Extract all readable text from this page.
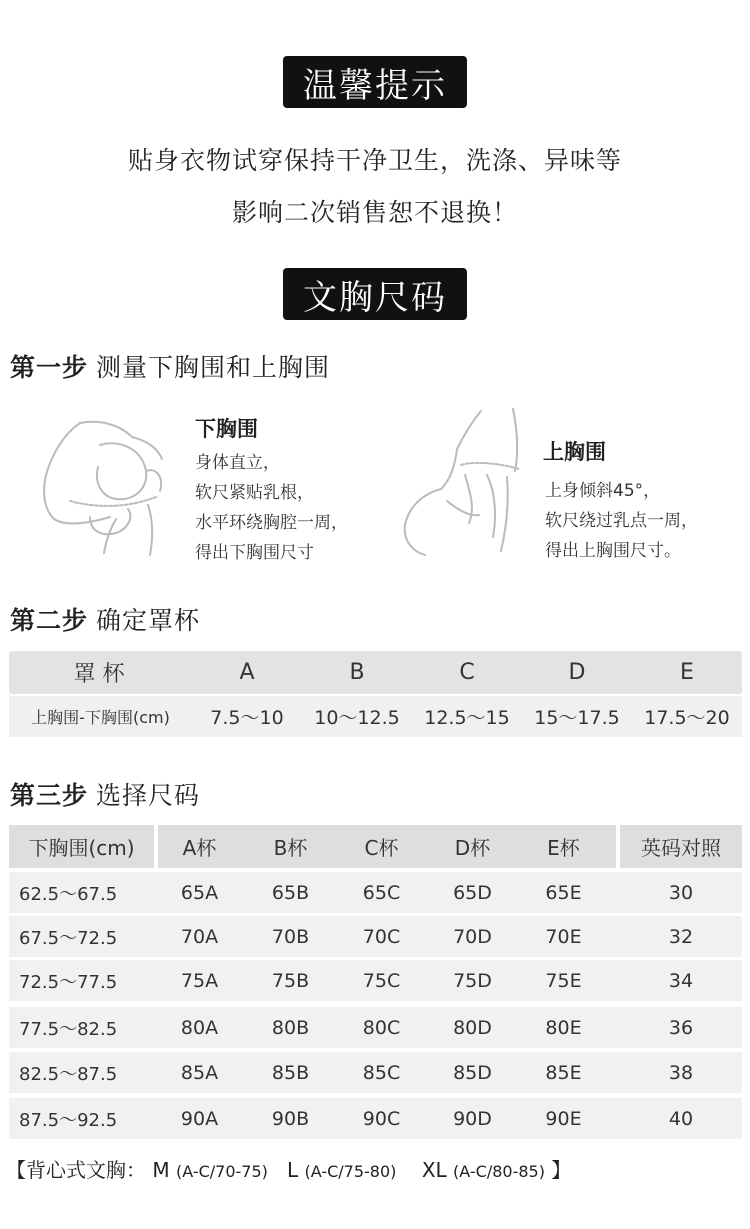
温馨提示
贴身衣物试穿保持干净卫生，洗涤、异味等
影响二次销售恕不退换！
文胸尺码
第一步 测量下胸围和上胸围
下胸围
身体直立，
软尺紧贴乳根，
水平环绕胸腔一周，
得出下胸围尺寸
上胸围
上身倾斜45°，
软尺绕过乳点一周，
得出上胸围尺寸。
第二步 确定罩杯
罩 杯	A	B	C	D	E
上胸围-下胸围(cm)	7.5～10	10～12.5	12.5～15	15～17.5	17.5～20
第三步 选择尺码
下胸围(cm)	A杯	B杯	C杯	D杯	E杯	英码对照
62.5～67.5	65A	65B	65C	65D	65E	30
67.5～72.5	70A	70B	70C	70D	70E	32
72.5～77.5	75A	75B	75C	75D	75E	34
77.5～82.5	80A	80B	80C	80D	80E	36
82.5～87.5	85A	85B	85C	85D	85E	38
87.5～92.5	90A	90B	90C	90D	90E	40
【背心式文胸： M (A-C/70-75) L (A-C/75-80) XL (A-C/80-85) 】
